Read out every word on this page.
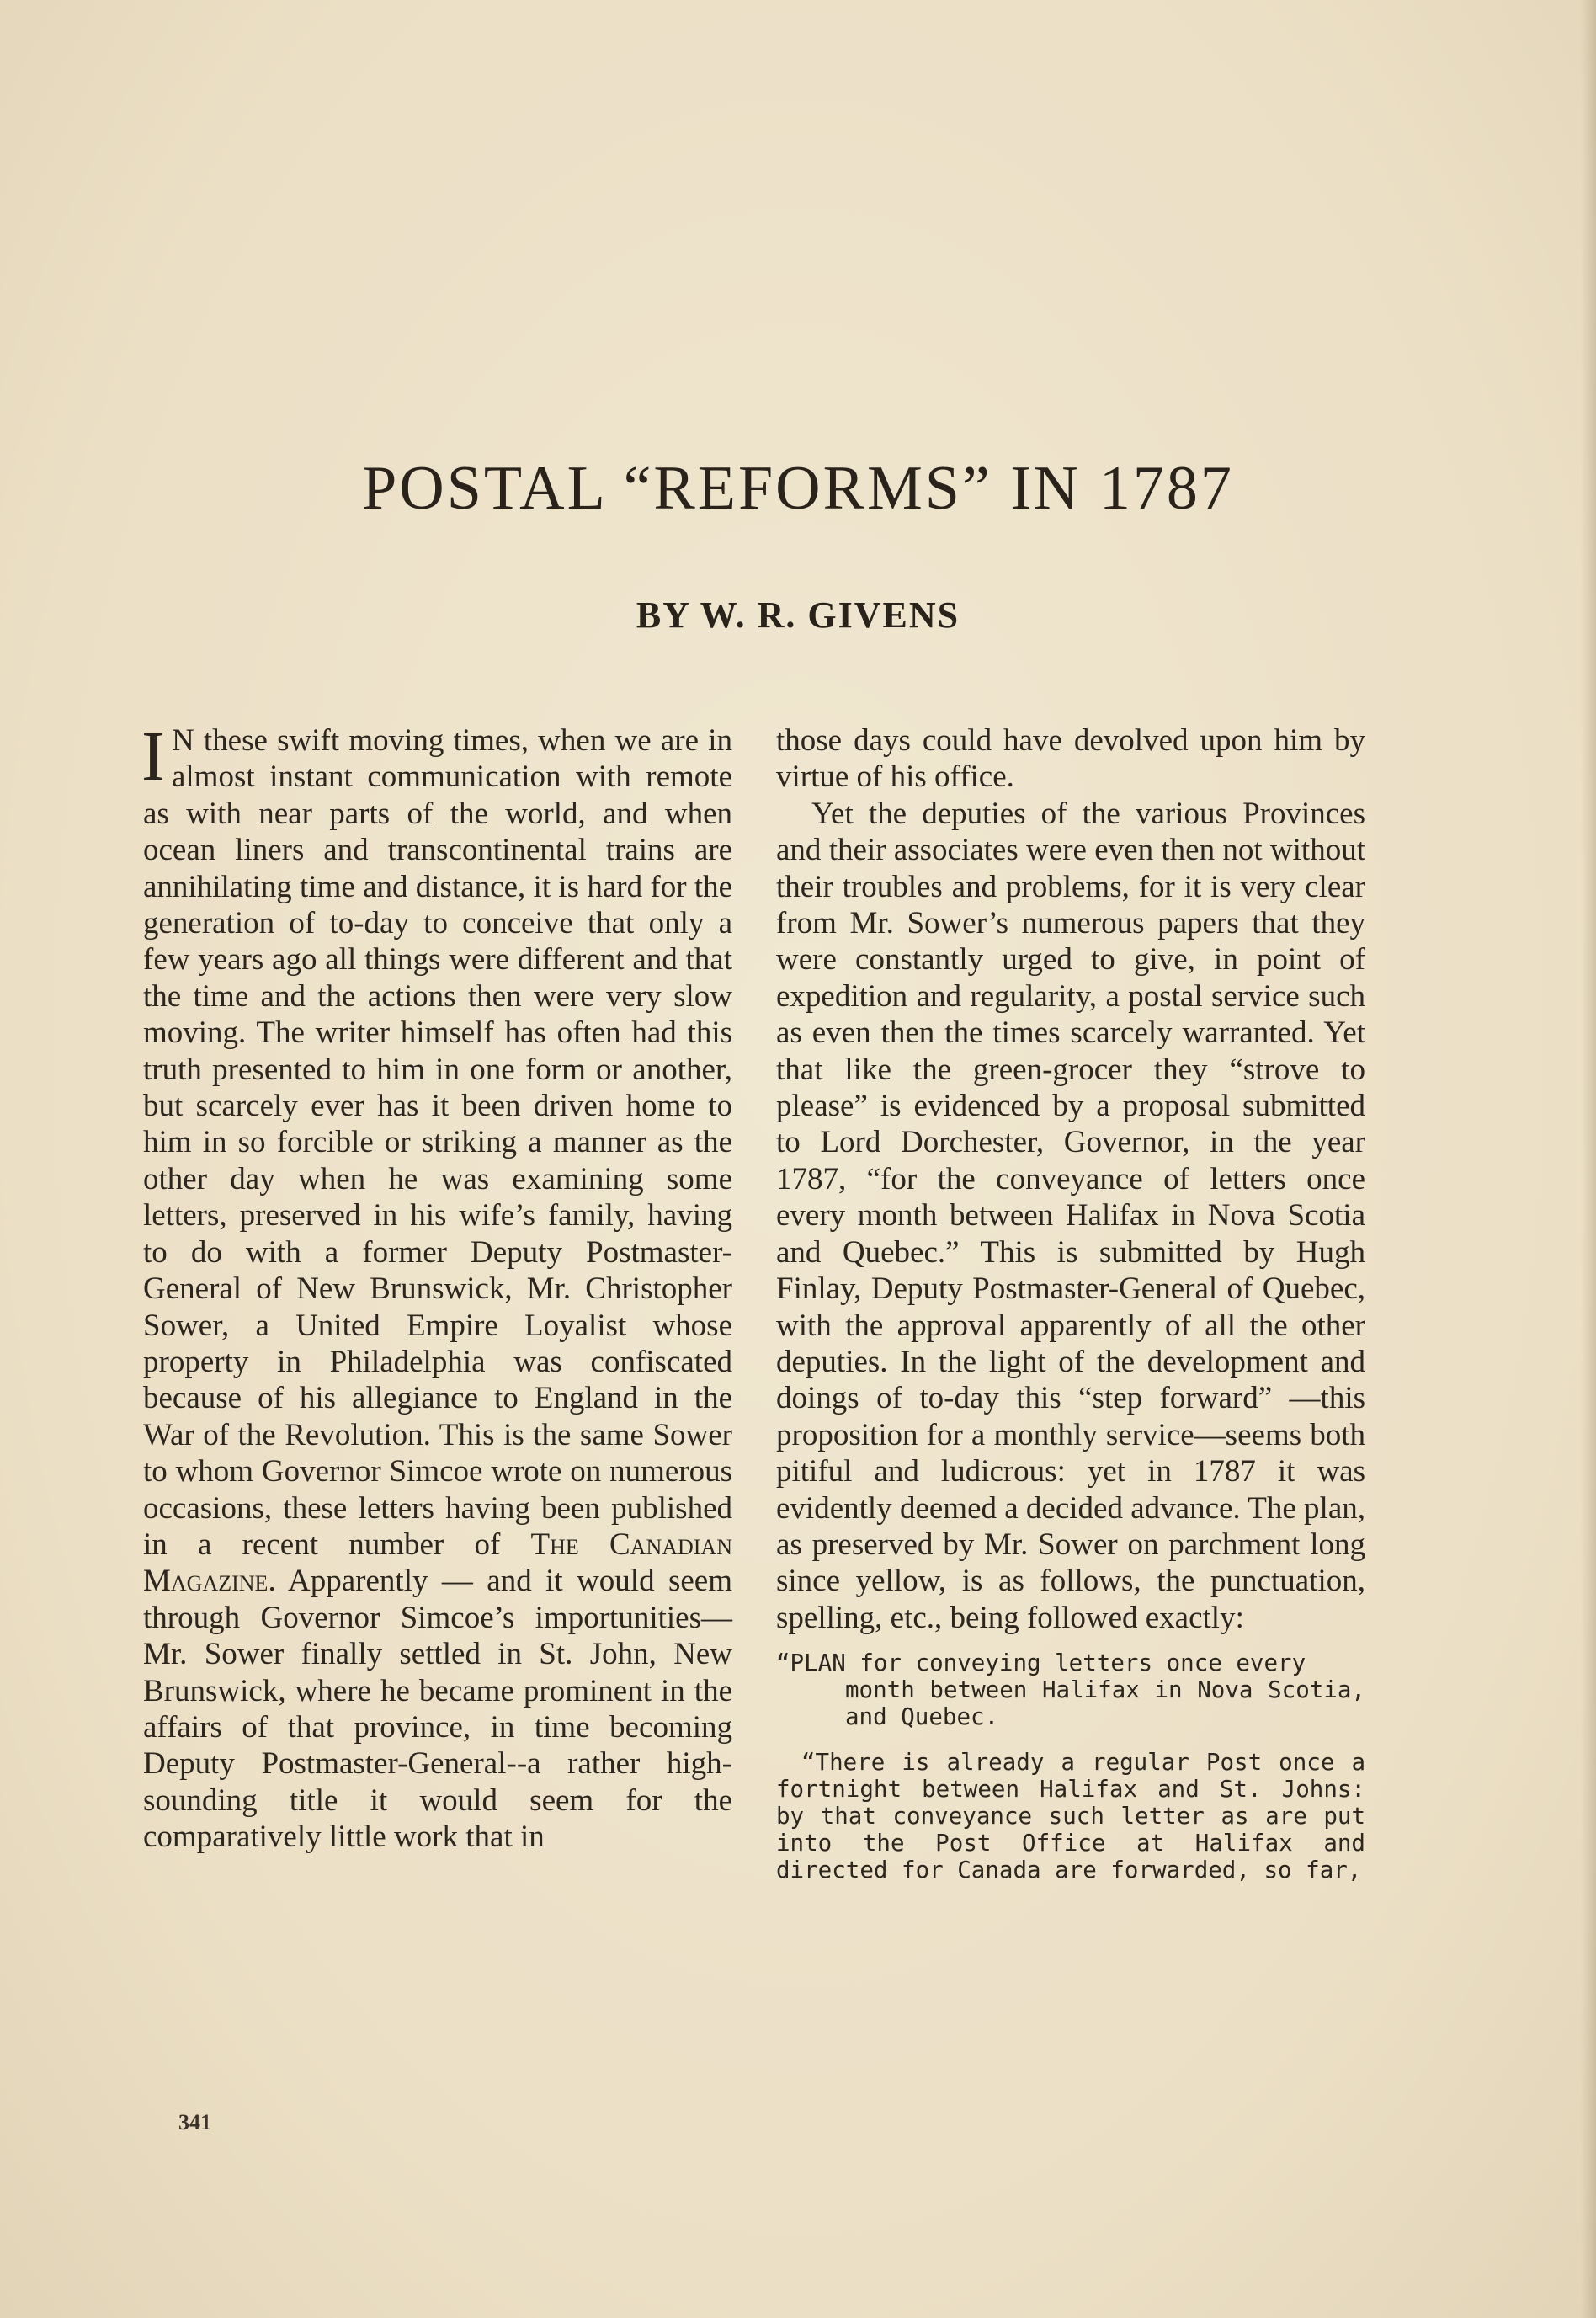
POSTAL “REFORMS” IN 1787
BY W. R. GIVENS

I N these swift moving times, when we are in almost instant communication with remote as with near parts of the world, and when ocean liners and transcontinental trains are annihilating time and distance, it is hard for the generation of to-day to conceive that only a few years ago all things were different and that the time and the actions then were very slow moving. The writer himself has often had this truth presented to him in one form or another, but scarcely ever has it been driven home to him in so forcible or striking a manner as the other day when he was examining some letters, preserved in his wife’s family, having to do with a former Deputy Postmaster-General of New Brunswick, Mr. Christopher Sower, a United Empire Loyalist whose property in Philadelphia was confiscated because of his allegiance to England in the War of the Revolution. This is the same Sower to whom Governor Simcoe wrote on numerous occasions, these letters having been published in a recent number of The Canadian Magazine. Apparently — and it would seem through Governor Simcoe’s importunities—Mr. Sower finally settled in St. John, New Brunswick, where he became prominent in the affairs of that province, in time becoming Deputy Postmaster-General--a rather high-sounding title it would seem for the comparatively little work that in

those days could have devolved upon him by virtue of his office.

Yet the deputies of the various Provinces and their associates were even then not without their troubles and problems, for it is very clear from Mr. Sower’s numerous papers that they were constantly urged to give, in point of expedition and regularity, a postal service such as even then the times scarcely warranted. Yet that like the green-grocer they “strove to please” is evidenced by a proposal submitted to Lord Dorchester, Governor, in the year 1787, “for the conveyance of letters once every month between Halifax in Nova Scotia and Quebec.” This is submitted by Hugh Finlay, Deputy Postmaster-General of Quebec, with the approval apparently of all the other deputies. In the light of the development and doings of to-day this “step forward” —this proposition for a monthly service—seems both pitiful and ludicrous: yet in 1787 it was evidently deemed a decided advance. The plan, as preserved by Mr. Sower on parchment long since yellow, is as follows, the punctuation, spelling, etc., being followed exactly:

“PLAN for conveying letters once every
month between Halifax in Nova Scotia, and Quebec.

“There is already a regular Post once a fortnight between Halifax and St. Johns: by that conveyance such letter as are put into the Post Office at Halifax and directed for Canada are forwarded, so far,

341
